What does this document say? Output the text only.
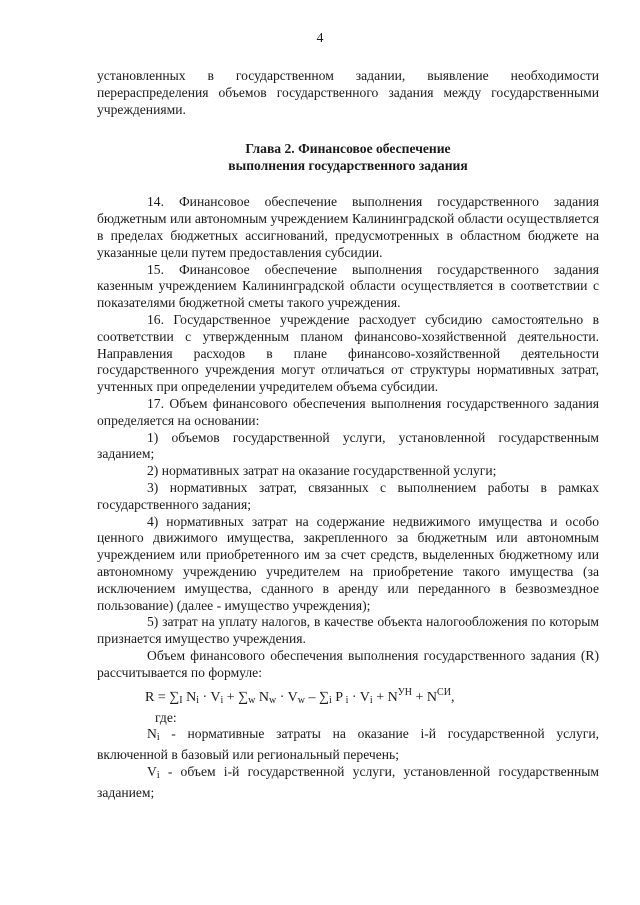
4

установленных в государственном задании, выявление необходимости перераспределения объемов государственного задания между государственными учреждениями.

Глава 2. Финансовое обеспечение
выполнения государственного задания

14. Финансовое обеспечение выполнения государственного задания бюджетным или автономным учреждением Калининградской области осуществляется в пределах бюджетных ассигнований, предусмотренных в областном бюджете на указанные цели путем предоставления субсидии.

15. Финансовое обеспечение выполнения государственного задания казенным учреждением Калининградской области осуществляется в соответствии с показателями бюджетной сметы такого учреждения.

16. Государственное учреждение расходует субсидию самостоятельно в соответствии с утвержденным планом финансово-хозяйственной деятельности. Направления расходов в плане финансово-хозяйственной деятельности государственного учреждения могут отличаться от структуры нормативных затрат, учтенных при определении учредителем объема субсидии.

17. Объем финансового обеспечения выполнения государственного задания определяется на основании:

1) объемов государственной услуги, установленной государственным заданием;

2) нормативных затрат на оказание государственной услуги;

3) нормативных затрат, связанных с выполнением работы в рамках государственного задания;

4) нормативных затрат на содержание недвижимого имущества и особо ценного движимого имущества, закрепленного за бюджетным или автономным учреждением или приобретенного им за счет средств, выделенных бюджетному или автономному учреждению учредителем на приобретение такого имущества (за исключением имущества, сданного в аренду или переданного в безвозмездное пользование) (далее - имущество учреждения);

5) затрат на уплату налогов, в качестве объекта налогообложения по которым признается имущество учреждения.

Объем финансового обеспечения выполнения государственного задания (R) рассчитывается по формуле:

$R = \sum_I$ $N_i \cdot V_i + \sum_w$ $N_w \cdot V_w - \sum_i$ P $_i \cdot V_i + N^{УН} + N^{СИ}$,

где:

$N_i$ - нормативные затраты на оказание i-й государственной услуги, включенной в базовый или региональный перечень;

$V_i$ - объем i-й государственной услуги, установленной государственным заданием;
